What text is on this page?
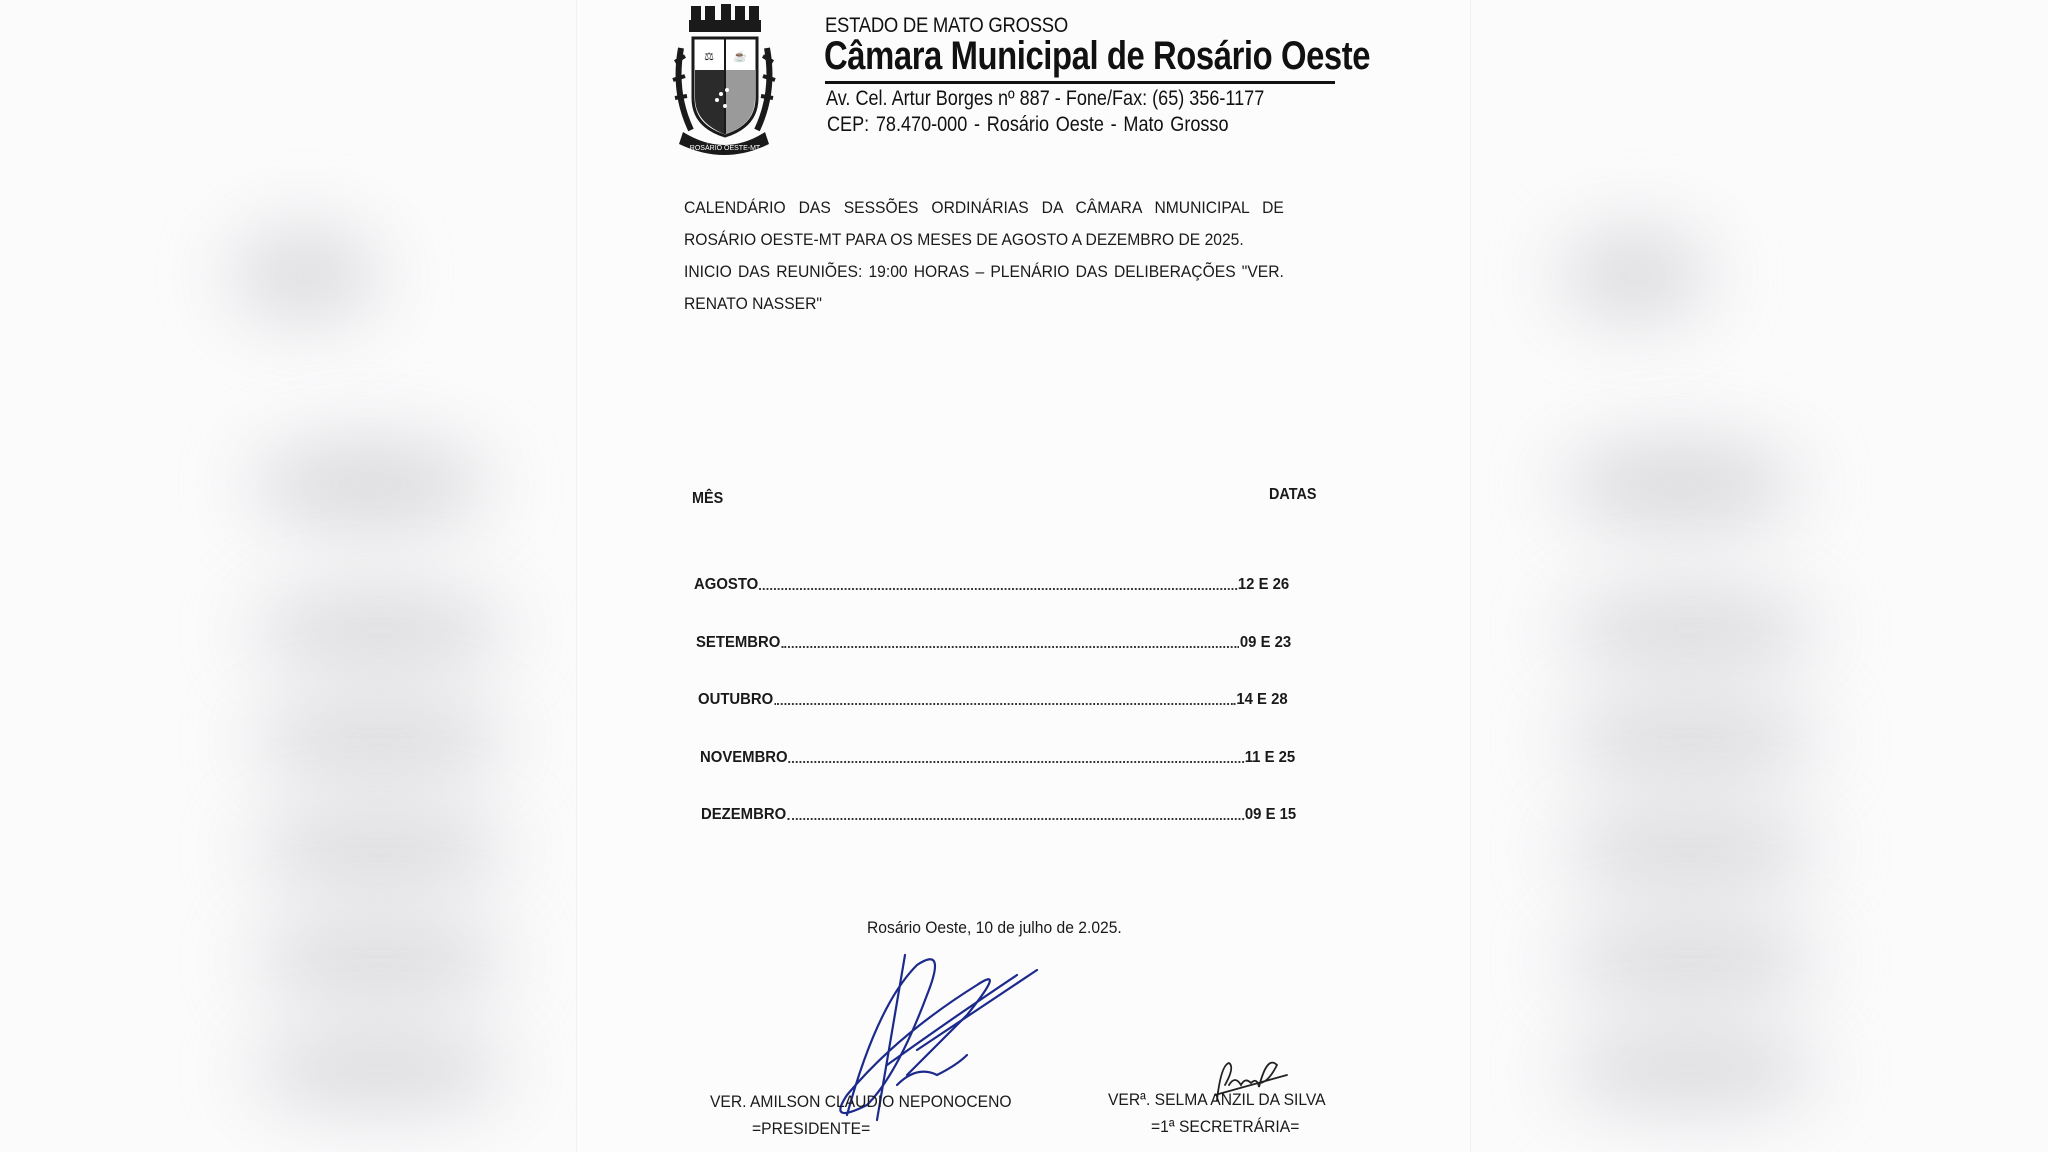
⚖ ☕
ROSÁRIO OESTE-MT
ESTADO DE MATO GROSSO
Câmara Municipal de Rosário Oeste
Av. Cel. Artur Borges nº 887 - Fone/Fax: (65) 356-1177
CEP: 78.470-000 - Rosário Oeste - Mato Grosso

CALENDÁRIO DAS SESSÕES ORDINÁRIAS DA CÂMARA NMUNICIPAL DE ROSÁRIO OESTE-MT PARA OS MESES DE AGOSTO A DEZEMBRO DE 2025.

INICIO DAS REUNIÕES: 19:00 HORAS – PLENÁRIO DAS DELIBERAÇÕES "VER. RENATO NASSER"

MÊS	DATAS
AGOSTO	12 E 26
SETEMBRO	09 E 23
OUTUBRO	14 E 28
NOVEMBRO	11 E 25
DEZEMBRO	09 E 15
Rosário Oeste, 10 de julho de 2.025.
VER. AMILSON CLAUDIO NEPONOCENO
=PRESIDENTE=
VERª. SELMA ANZIL DA SILVA
=1ª SECRETRÁRIA=
